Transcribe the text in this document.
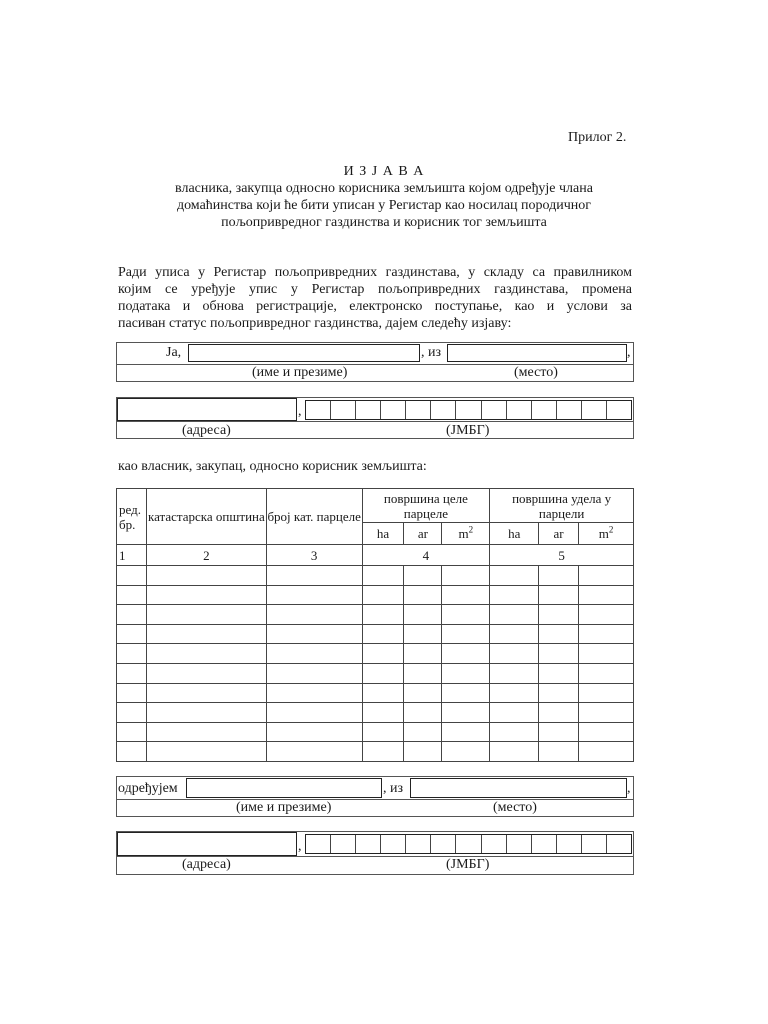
Прилог 2.
И З Ј А В А
власника, закупца односно корисника земљишта којом одређује члана
домаћинства који ће бити уписан у Регистар као носилац породичног
пољопривредног газдинства и корисник тог земљишта
Ради уписа у Регистар пољопривредних газдинстава, у складу са правилником
којим се уређује упис у Регистар пољопривредних газдинстава, промена
података и обнова регистрације, електронско поступање, као и услови за
пасиван статус пољопривредног газдинства, дајем следећу изјаву:
Ја,	, из	,
(име и презиме)	(место)
,
(адреса)	(ЈМБГ)
као власник, закупац, односно корисник земљишта:
ред. бр.	катастарска општина	број кат. парцеле	површина целе парцеле			површина удела у парцели		
			ha	ar	$m^2$	ha	ar	$m^2$
1	2	3	4			5		

одређујем	, из	,
(име и презиме)	(место)
,
(адреса)	(ЈМБГ)
